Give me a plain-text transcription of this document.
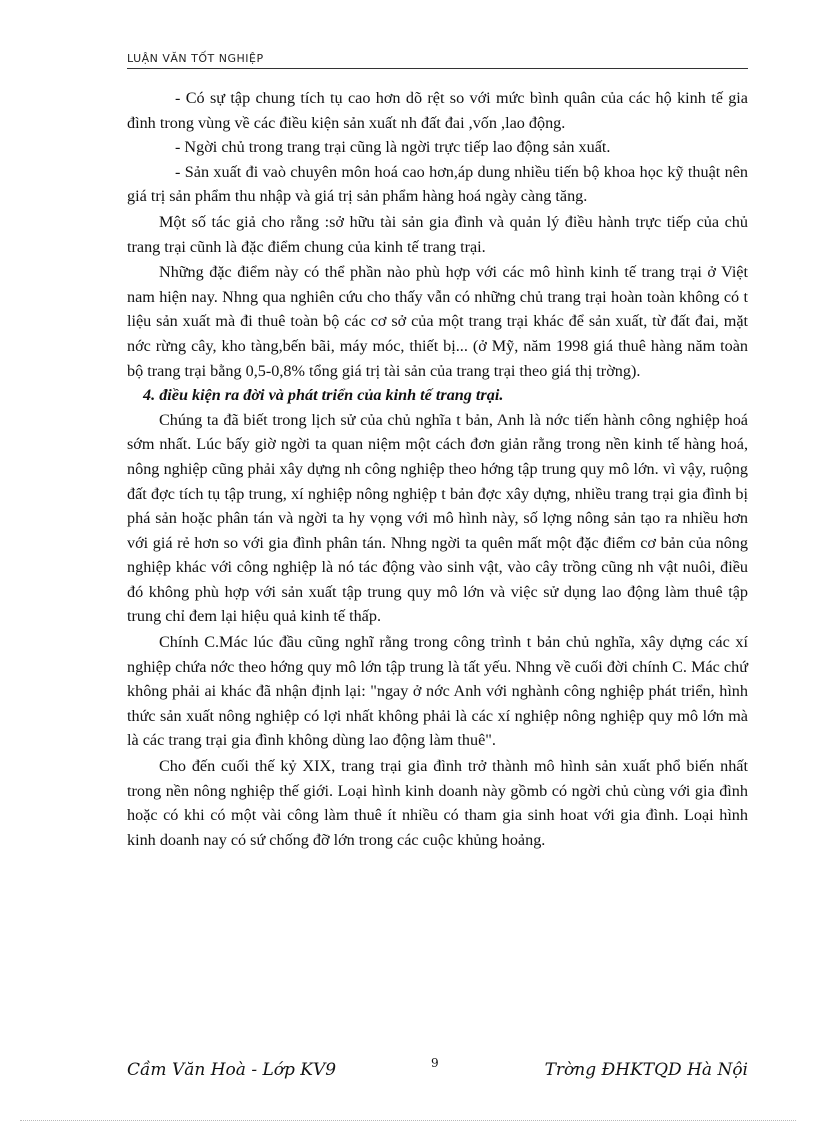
LUẬN VĂN TỐT NGHIỆP

- Có sự tập chung tích tụ cao hơn dõ rệt so với mức bình quân của các hộ kinh tế gia đình trong vùng về các điều kiện sản xuất nh đất đai ,vốn ,lao động.

- Ngời chủ trong trang trại cũng là ngời trực tiếp lao động sản xuất.

- Sản xuất đi vaò chuyên môn hoá cao hơn,áp dung nhiều tiến bộ khoa học kỹ thuật nên giá trị sản phẩm thu nhập và giá trị sản phẩm hàng hoá ngày càng tăng.

Một số tác giả cho rằng :sở hữu tài sản gia đình và quản lý điều hành trực tiếp của chủ trang trại cũnh là đặc điểm chung của kinh tế trang trại.

Những đặc điểm này có thể phần nào phù hợp với các mô hình kinh tế trang trại ở Việt nam hiện nay. Nhng qua nghiên cứu cho thấy vẫn có những chủ trang trại hoàn toàn không có t liệu sản xuất mà đi thuê toàn bộ các cơ sở của một trang trại khác để sản xuất, từ đất đai, mặt nớc rừng cây, kho tàng,bến bãi, máy móc, thiết bị... (ở Mỹ, năm 1998 giá thuê hàng năm toàn bộ trang trại bằng 0,5-0,8% tổng giá trị tài sản của trang trại theo giá thị trờng).

4. điều kiện ra đời và phát triển của kinh tế trang trại.

Chúng ta đã biết trong lịch sử của chủ nghĩa t bản, Anh là nớc tiến hành công nghiệp hoá sớm nhất. Lúc bấy giờ ngời ta quan niệm một cách đơn giản rằng trong nền kinh tế hàng hoá, nông nghiệp cũng phải xây dựng nh công nghiệp theo hớng tập trung quy mô lớn. vì vậy, ruộng đất đợc tích tụ tập trung, xí nghiệp nông nghiệp t bản đợc xây dựng, nhiều trang trại gia đình bị phá sản hoặc phân tán và ngời ta hy vọng với mô hình này, số lợng nông sản tạo ra nhiều hơn với giá rẻ hơn so với gia đình phân tán. Nhng ngời ta quên mất một đặc điểm cơ bản của nông nghiệp khác với công nghiệp là nó tác động vào sinh vật, vào cây trồng cũng nh vật nuôi, điều đó không phù hợp với sản xuất tập trung quy mô lớn và việc sử dụng lao động làm thuê tập trung chỉ đem lại hiệu quả kinh tế thấp.

Chính C.Mác lúc đầu cũng nghĩ rằng trong công trình t bản chủ nghĩa, xây dựng các xí nghiệp chứa nớc theo hớng quy mô lớn tập trung là tất yếu. Nhng về cuối đời chính C. Mác chứ không phải ai khác đã nhận định lại: "ngay ở nớc Anh với nghành công nghiệp phát triển, hình thức sản xuất nông nghiệp có lợi nhất không phải là các xí nghiệp nông nghiệp quy mô lớn mà là các trang trại gia đình không dùng lao động làm thuê".

Cho đến cuối thế kỷ XIX, trang trại gia đình trở thành mô hình sản xuất phổ biến nhất trong nền nông nghiệp thế giới. Loại hình kinh doanh này gồmb có ngời chủ cùng với gia đình hoặc có khi có một vài công làm thuê ít nhiều có tham gia sinh hoat với gia đình. Loại hình kinh doanh nay có sứ chống đỡ lớn trong các cuộc khủng hoảng.

Cầm Văn Hoà - Lớp KV9	9	Trờng ĐHKTQD Hà Nội
